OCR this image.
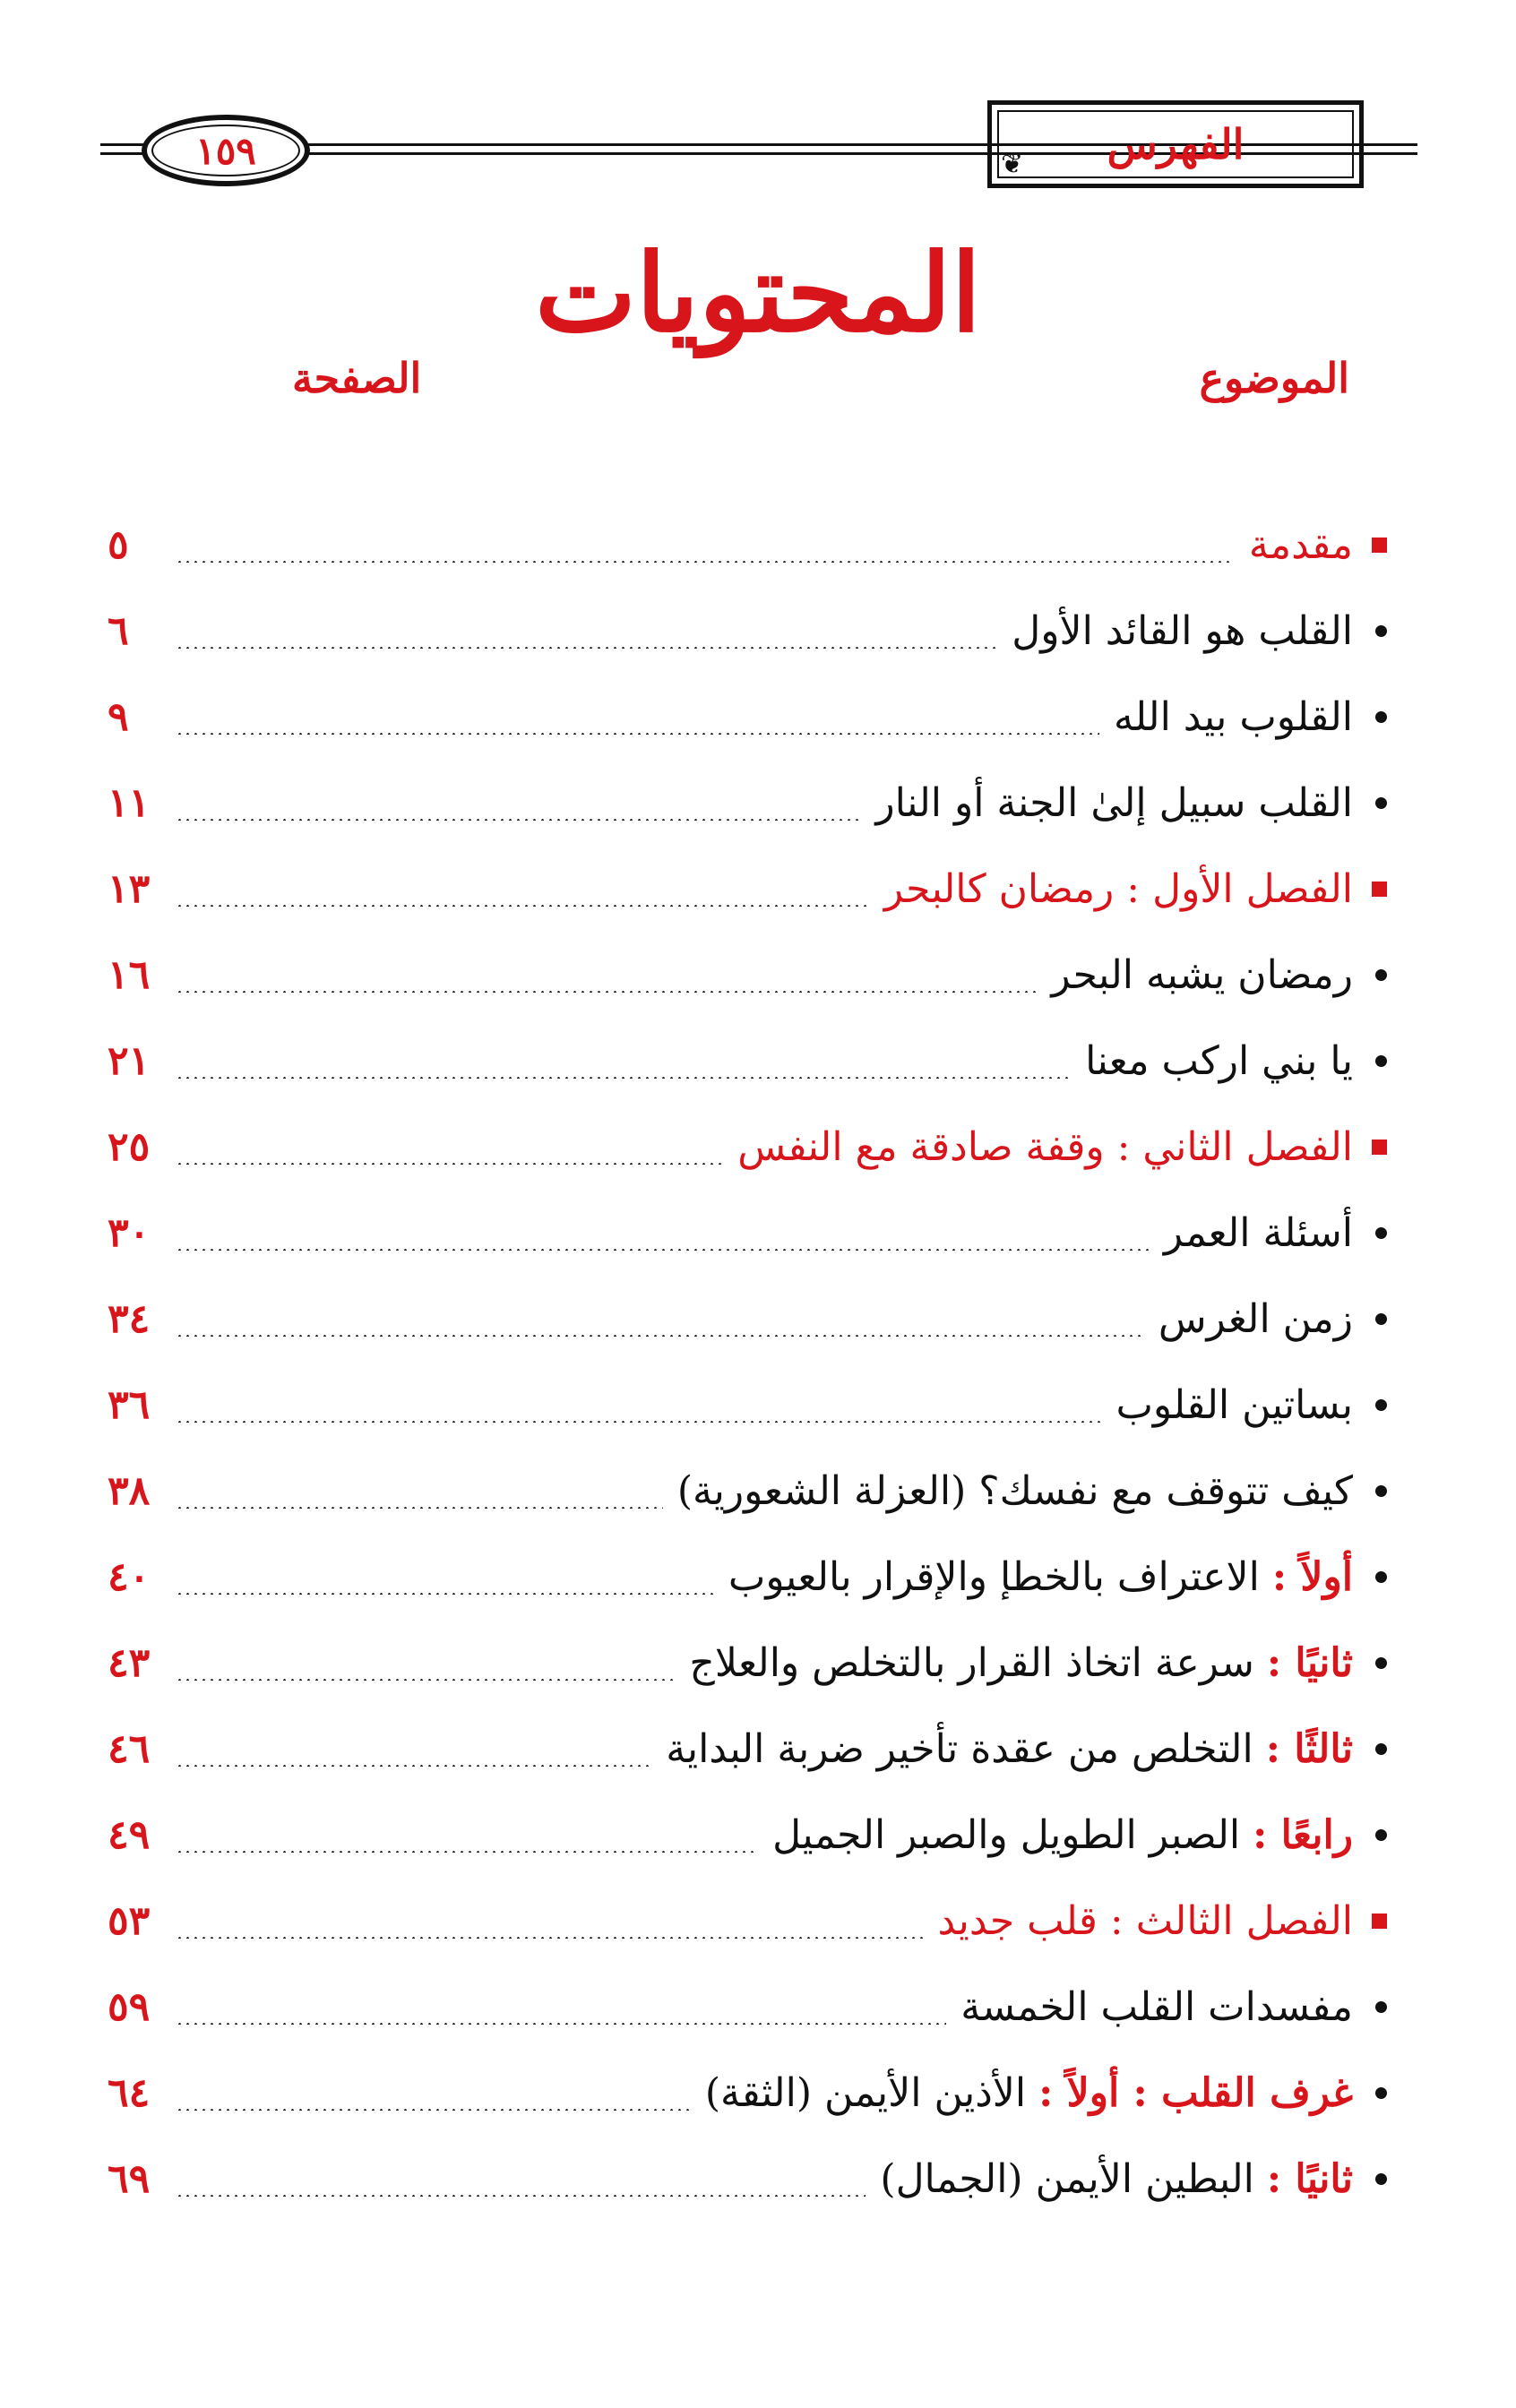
الفهرس
❦
١٥٩
المحتويات
الموضوع
الصفحة
مقدمة
٥
القلب هو القائد الأول
٦
القلوب بيد الله
٩
القلب سبيل إلىٰ الجنة أو النار
١١
الفصل الأول : رمضان كالبحر
١٣
رمضان يشبه البحر
١٦
يا بني اركب معنا
٢١
الفصل الثاني : وقفة صادقة مع النفس
٢٥
أسئلة العمر
٣٠
زمن الغرس
٣٤
بساتين القلوب
٣٦
كيف تتوقف مع نفسك؟ (العزلة الشعورية)
٣٨
أولاً : الاعتراف بالخطإ والإقرار بالعيوب
٤٠
ثانيًا : سرعة اتخاذ القرار بالتخلص والعلاج
٤٣
ثالثًا : التخلص من عقدة تأخير ضربة البداية
٤٦
رابعًا : الصبر الطويل والصبر الجميل
٤٩
الفصل الثالث : قلب جديد
٥٣
مفسدات القلب الخمسة
٥٩
غرف القلب : أولاً : الأذين الأيمن (الثقة)
٦٤
ثانيًا : البطين الأيمن (الجمال)
٦٩
